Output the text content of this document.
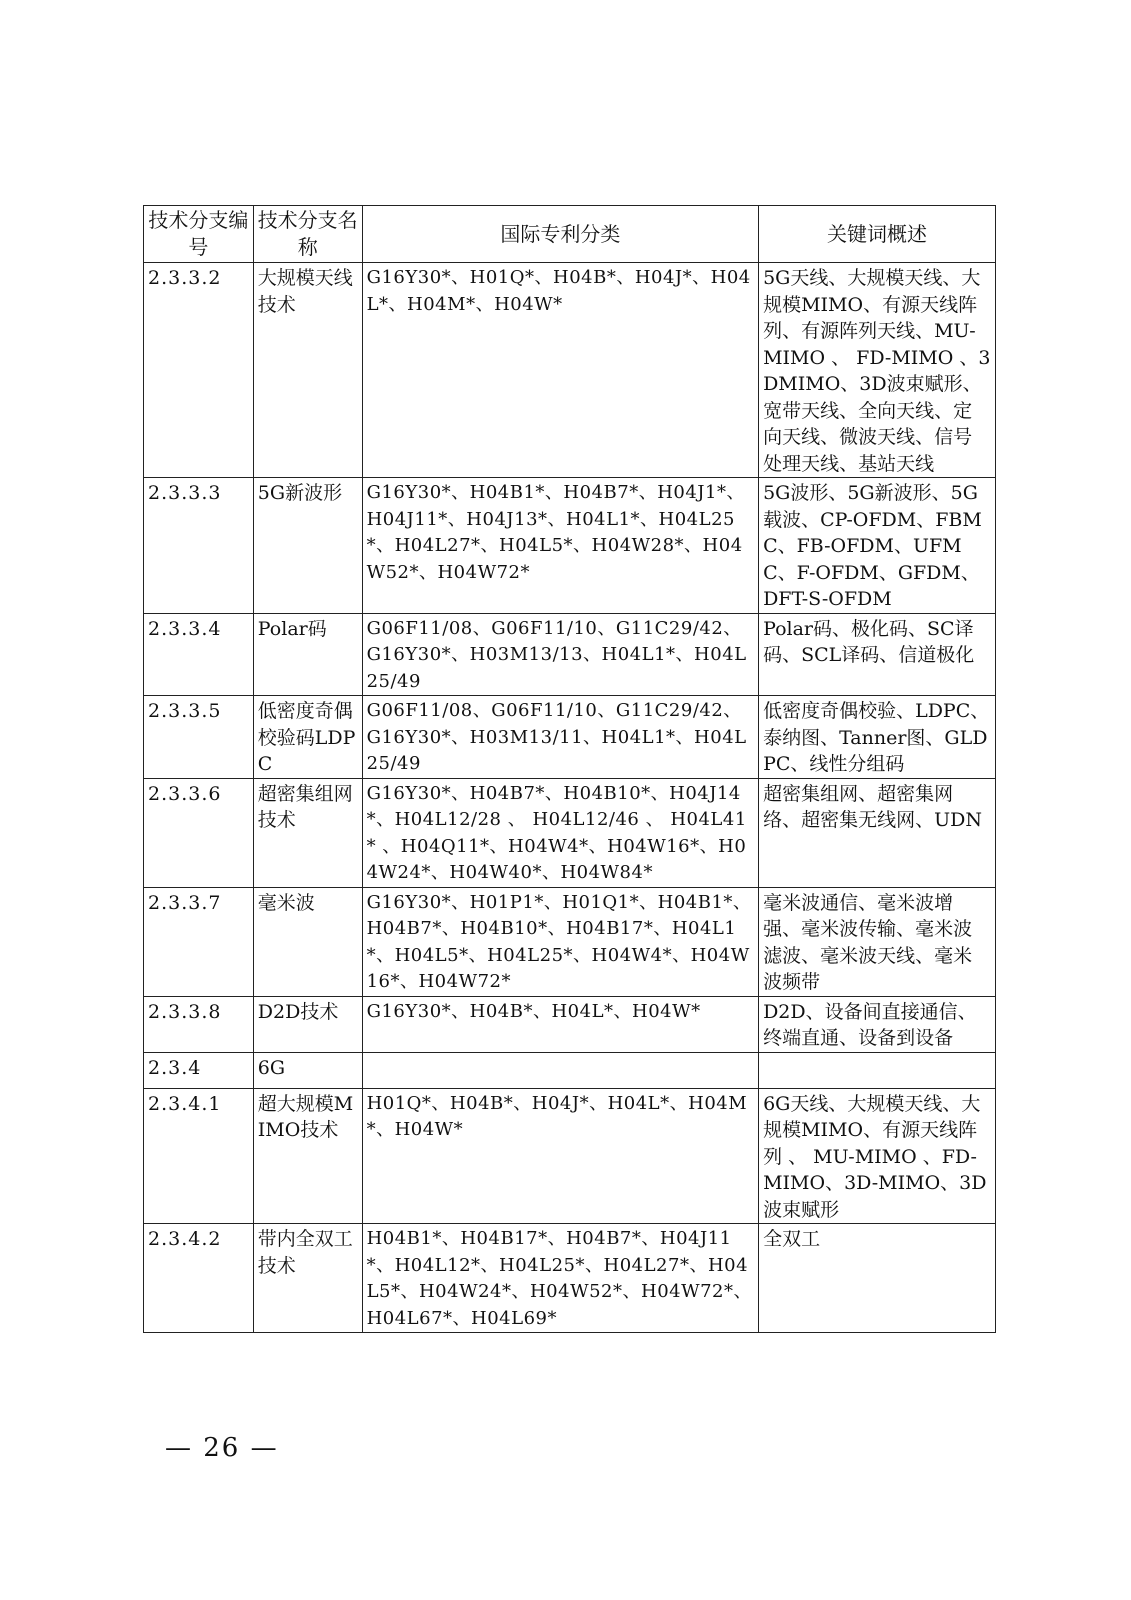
技术分支编号	技术分支名称	国际专利分类	关键词概述
2.3.3.2	大规模天线技术	G16Y30*、H01Q*、H04B*、H04J*、H04L*、H04M*、H04W*	5G天线、大规模天线、大规模MIMO、有源天线阵列、有源阵列天线、MU-MIMO 、 FD-MIMO 、3DMIMO、3D波束赋形、宽带天线、全向天线、定向天线、微波天线、信号处理天线、基站天线
2.3.3.3	5G新波形	G16Y30*、H04B1*、H04B7*、H04J1*、H04J11*、H04J13*、H04L1*、H04L25*、H04L27*、H04L5*、H04W28*、H04W52*、H04W72*	5G波形、5G新波形、5G载波、CP-OFDM、FBMC、FB-OFDM、UFMC、F-OFDM、GFDM、DFT-S-OFDM
2.3.3.4	Polar码	G06F11/08、G06F11/10、G11C29/42、G16Y30*、H03M13/13、H04L1*、H04L25/49	Polar码、极化码、SC译码、SCL译码、信道极化
2.3.3.5	低密度奇偶校验码LDPC	G06F11/08、G06F11/10、G11C29/42、G16Y30*、H03M13/11、H04L1*、H04L25/49	低密度奇偶校验、LDPC、泰纳图、Tanner图、GLDPC、线性分组码
2.3.3.6	超密集组网技术	G16Y30*、H04B7*、H04B10*、H04J14*、H04L12/28 、 H04L12/46 、 H04L41* 、H04Q11*、H04W4*、H04W16*、H04W24*、H04W40*、H04W84*	超密集组网、超密集网络、超密集无线网、UDN
2.3.3.7	毫米波	G16Y30*、H01P1*、H01Q1*、H04B1*、H04B7*、H04B10*、H04B17*、H04L1*、H04L5*、H04L25*、H04W4*、H04W16*、H04W72*	毫米波通信、毫米波增强、毫米波传输、毫米波滤波、毫米波天线、毫米波频带
2.3.3.8	D2D技术	G16Y30*、H04B*、H04L*、H04W*	D2D、设备间直接通信、终端直通、设备到设备
2.3.4	6G		
2.3.4.1	超大规模MIMO技术	H01Q*、H04B*、H04J*、H04L*、H04M*、H04W*	6G天线、大规模天线、大规模MIMO、有源天线阵 列 、 MU-MIMO 、FD-MIMO、3D-MIMO、3D波束赋形
2.3.4.2	带内全双工技术	H04B1*、H04B17*、H04B7*、H04J11*、H04L12*、H04L25*、H04L27*、H04L5*、H04W24*、H04W52*、H04W72*、H04L67*、H04L69*	全双工
— 26 —
